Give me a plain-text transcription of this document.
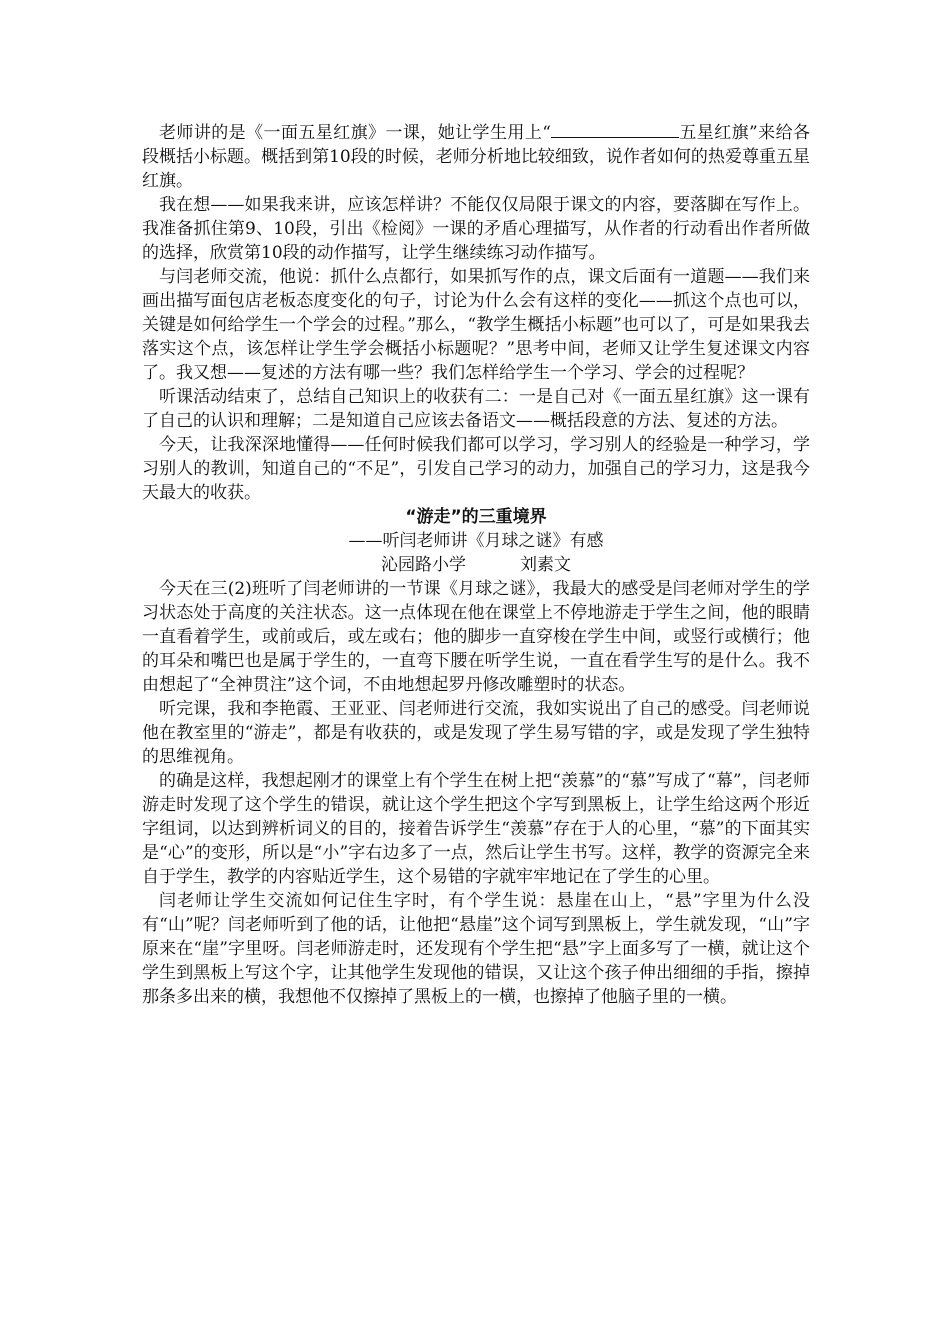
老师讲的是《一面五星红旗》一课，她让学生用上“	五星红旗”来给各段概括小标题。概括到第10段的时候，老师分析地比较细致，说作者如何的热爱尊重五星红旗。

我在想——如果我来讲，应该怎样讲？不能仅仅局限于课文的内容，要落脚在写作上。我准备抓住第9、10段，引出《检阅》一课的矛盾心理描写，从作者的行动看出作者所做的选择，欣赏第10段的动作描写，让学生继续练习动作描写。

与闫老师交流，他说：抓什么点都行，如果抓写作的点，课文后面有一道题——我们来画出描写面包店老板态度变化的句子，讨论为什么会有这样的变化——抓这个点也可以，关键是如何给学生一个学会的过程。”那么，“教学生概括小标题”也可以了，可是如果我去落实这个点，该怎样让学生学会概括小标题呢？”思考中间，老师又让学生复述课文内容了。我又想——复述的方法有哪一些？我们怎样给学生一个学习、学会的过程呢？

听课活动结束了，总结自己知识上的收获有二：一是自己对《一面五星红旗》这一课有了自己的认识和理解；二是知道自己应该去备语文——概括段意的方法、复述的方法。

今天，让我深深地懂得——任何时候我们都可以学习，学习别人的经验是一种学习，学习别人的教训，知道自己的“不足”，引发自己学习的动力，加强自己的学习力，这是我今天最大的收获。

“游走”的三重境界

——听闫老师讲《月球之谜》有感

沁园路小学          刘素文

今天在三(2)班听了闫老师讲的一节课《月球之谜》，我最大的感受是闫老师对学生的学习状态处于高度的关注状态。这一点体现在他在课堂上不停地游走于学生之间，他的眼睛一直看着学生，或前或后，或左或右；他的脚步一直穿梭在学生中间，或竖行或横行；他的耳朵和嘴巴也是属于学生的，一直弯下腰在听学生说，一直在看学生写的是什么。我不由想起了“全神贯注”这个词，不由地想起罗丹修改雕塑时的状态。

听完课，我和李艳霞、王亚亚、闫老师进行交流，我如实说出了自己的感受。闫老师说他在教室里的“游走”，都是有收获的，或是发现了学生易写错的字，或是发现了学生独特的思维视角。

的确是这样，我想起刚才的课堂上有个学生在树上把“羡慕”的“慕”写成了“幕”，闫老师游走时发现了这个学生的错误，就让这个学生把这个字写到黑板上，让学生给这两个形近字组词，以达到辨析词义的目的，接着告诉学生“羡慕”存在于人的心里，“慕”的下面其实是“心”的变形，所以是“小”字右边多了一点，然后让学生书写。这样，教学的资源完全来自于学生，教学的内容贴近学生，这个易错的字就牢牢地记在了学生的心里。

闫老师让学生交流如何记住生字时，有个学生说：悬崖在山上，“悬”字里为什么没有“山”呢？闫老师听到了他的话，让他把“悬崖”这个词写到黑板上，学生就发现，“山”字原来在“崖”字里呀。闫老师游走时，还发现有个学生把“悬”字上面多写了一横，就让这个学生到黑板上写这个字，让其他学生发现他的错误，又让这个孩子伸出细细的手指，擦掉那条多出来的横，我想他不仅擦掉了黑板上的一横，也擦掉了他脑子里的一横。
